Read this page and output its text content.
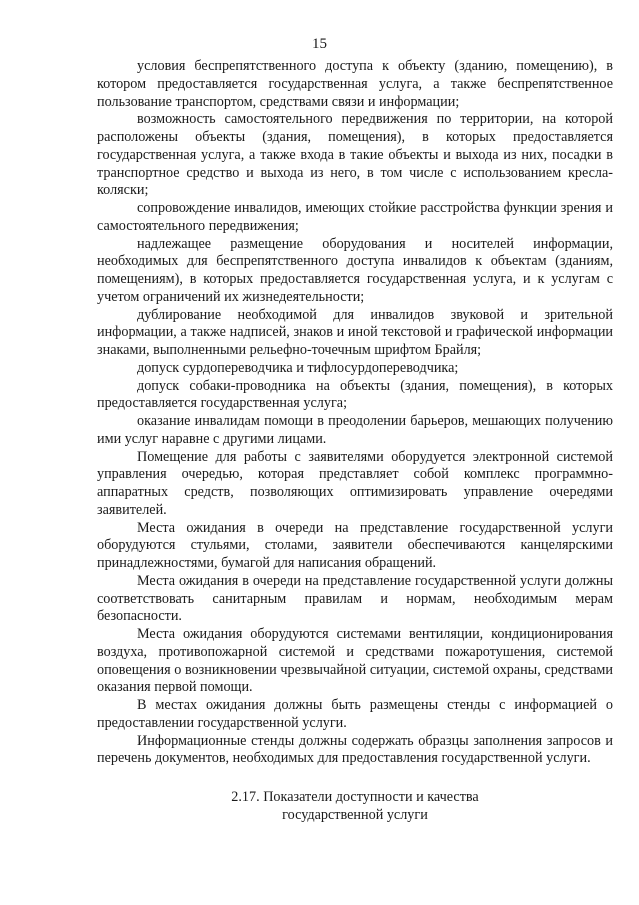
15

условия беспрепятственного доступа к объекту (зданию, помещению), в котором предоставляется государственная услуга, а также беспрепятственное пользование транспортом, средствами связи и информации;

возможность самостоятельного передвижения по территории, на которой расположены объекты (здания, помещения), в которых предоставляется государственная услуга, а также входа в такие объекты и выхода из них, посадки в транспортное средство и выхода из него, в том числе с использованием кресла-коляски;

сопровождение инвалидов, имеющих стойкие расстройства функции зрения и самостоятельного передвижения;

надлежащее размещение оборудования и носителей информации, необходимых для беспрепятственного доступа инвалидов к объектам (зданиям, помещениям), в которых предоставляется государственная услуга, и к услугам с учетом ограничений их жизнедеятельности;

дублирование необходимой для инвалидов звуковой и зрительной информации, а также надписей, знаков и иной текстовой и графической информации знаками, выполненными рельефно-точечным шрифтом Брайля;

допуск сурдопереводчика и тифлосурдопереводчика;

допуск собаки-проводника на объекты (здания, помещения), в которых предоставляется государственная услуга;

оказание инвалидам помощи в преодолении барьеров, мешающих получению ими услуг наравне с другими лицами.

Помещение для работы с заявителями оборудуется электронной системой управления очередью, которая представляет собой комплекс программно-аппаратных средств, позволяющих оптимизировать управление очередями заявителей.

Места ожидания в очереди на представление государственной услуги оборудуются стульями, столами, заявители обеспечиваются канцелярскими принадлежностями, бумагой для написания обращений.

Места ожидания в очереди на представление государственной услуги должны соответствовать санитарным правилам и нормам, необходимым мерам безопасности.

Места ожидания оборудуются системами вентиляции, кондиционирования воздуха, противопожарной системой и средствами пожаротушения, системой оповещения о возникновении чрезвычайной ситуации, системой охраны, средствами оказания первой помощи.

В местах ожидания должны быть размещены стенды с информацией о предоставлении государственной услуги.

Информационные стенды должны содержать образцы заполнения запросов и перечень документов, необходимых для предоставления государственной услуги.

2.17. Показатели доступности и качества
государственной услуги
